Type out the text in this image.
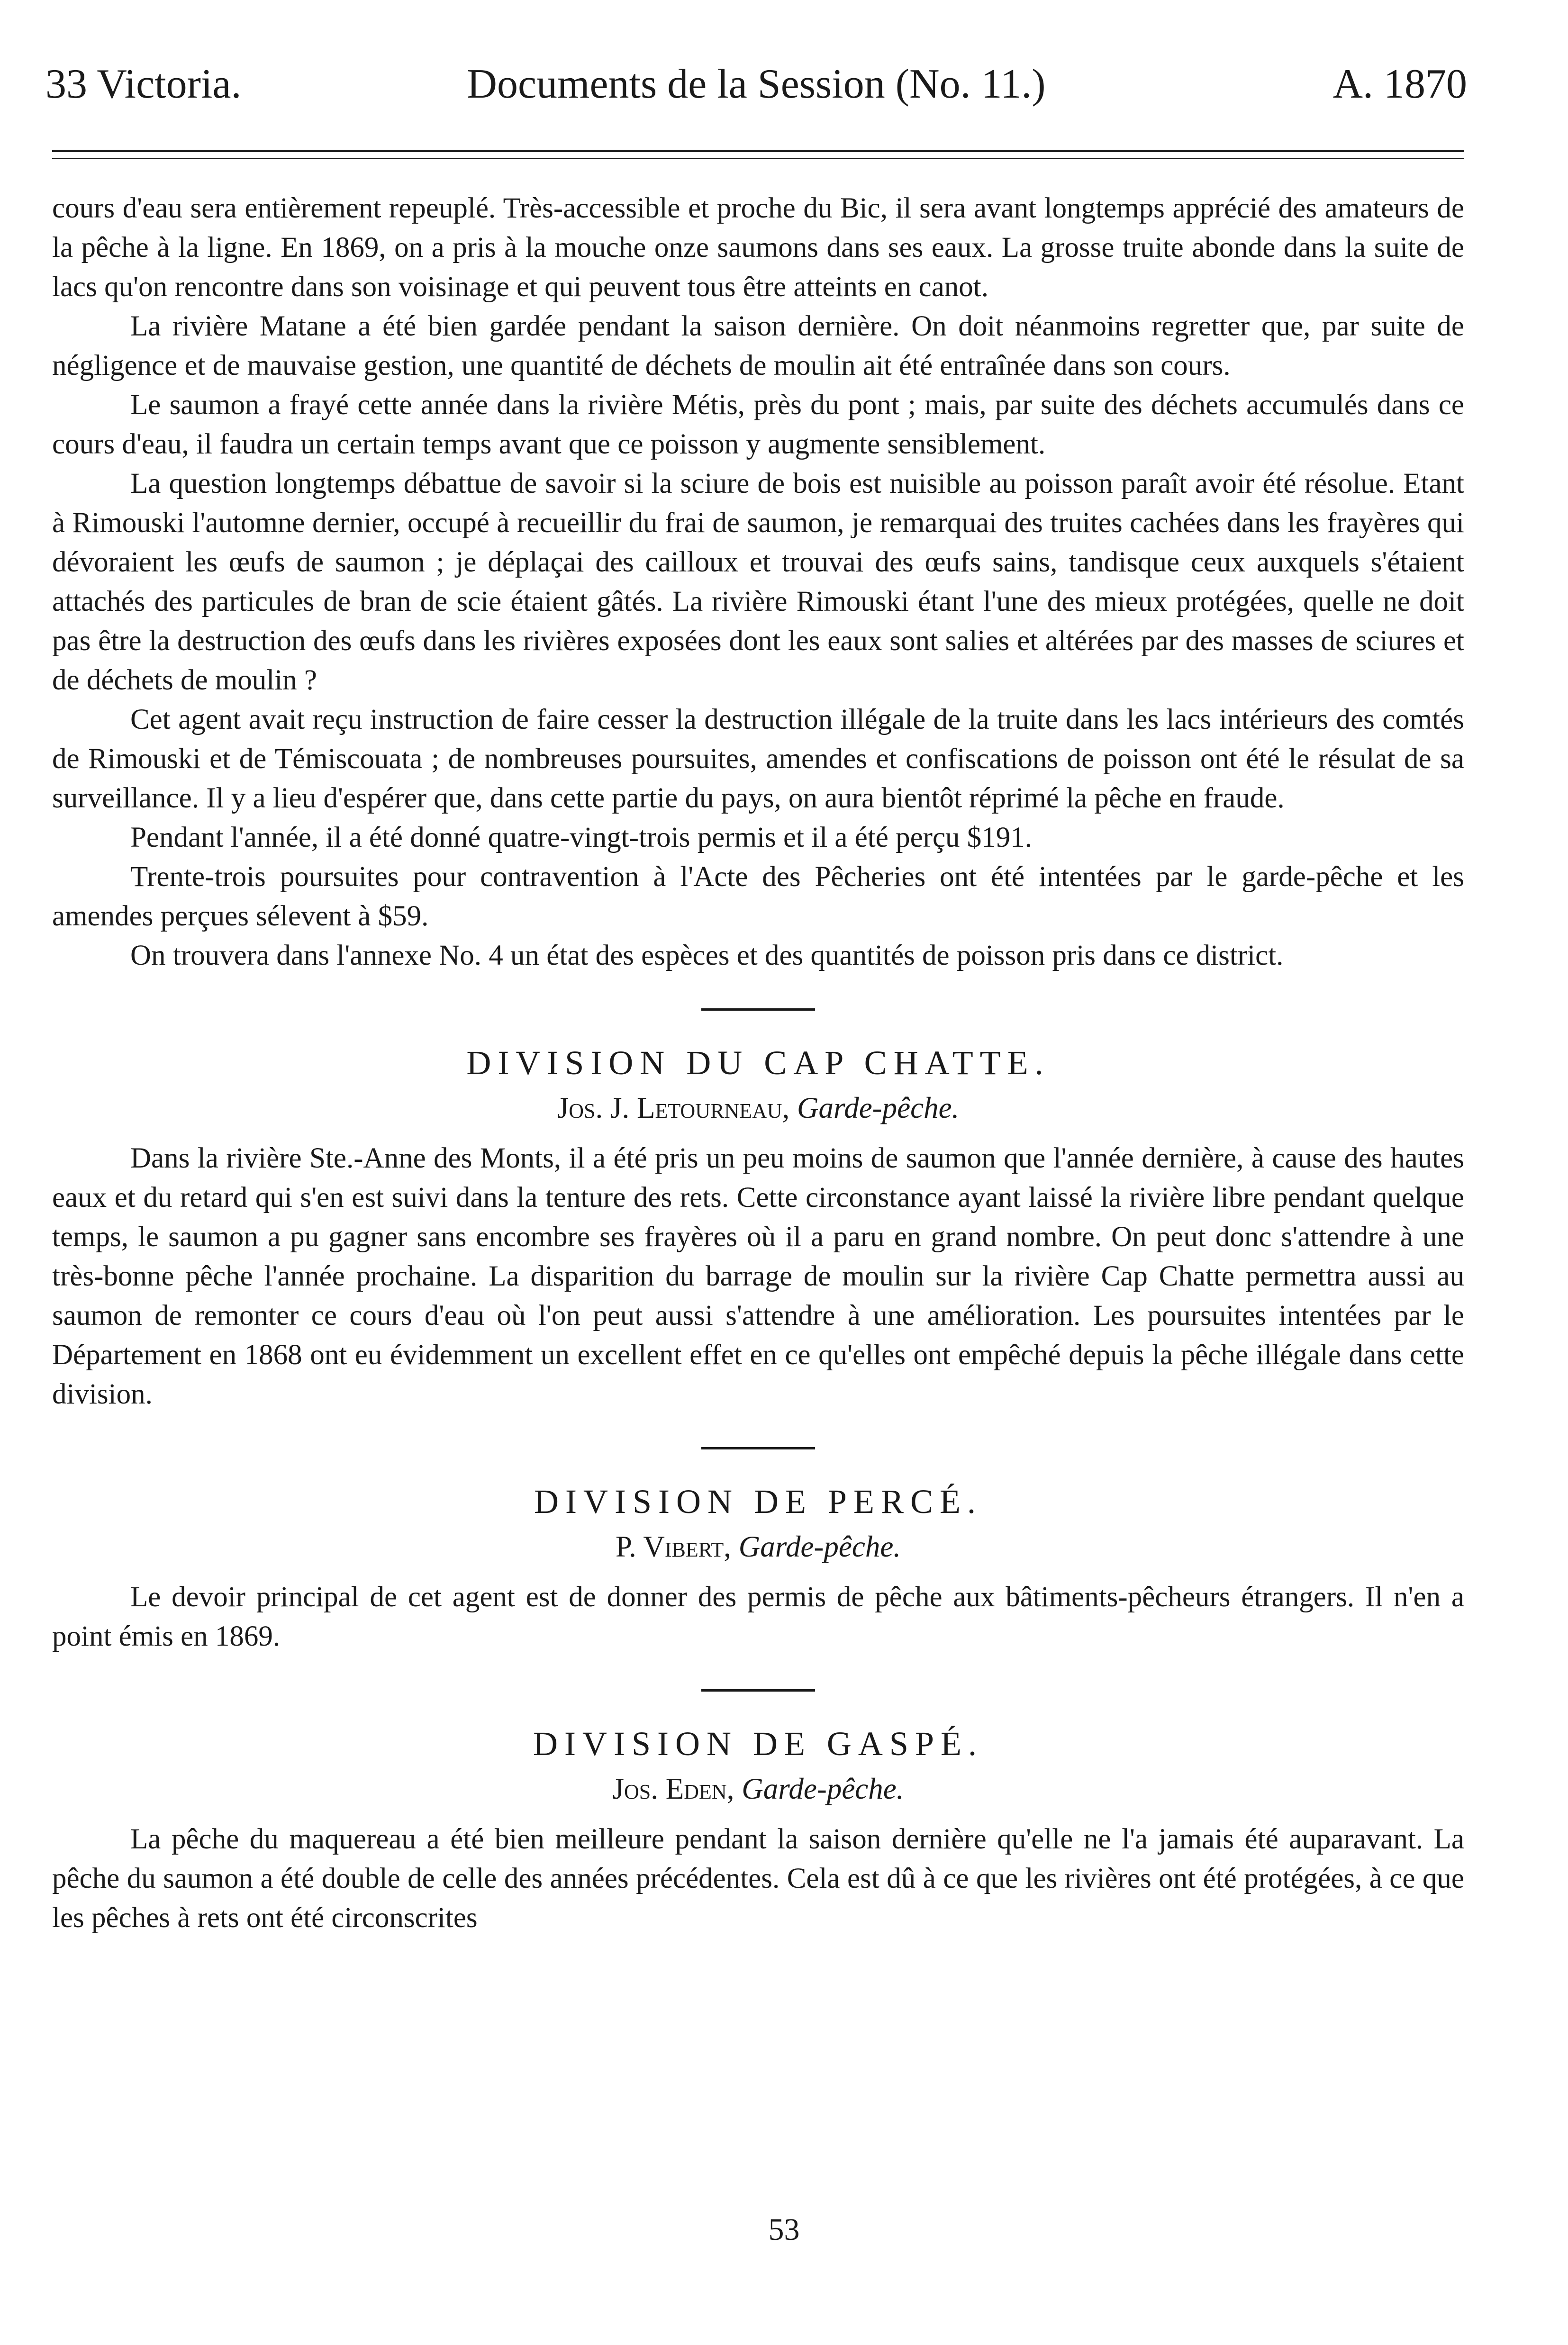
33 Victoria.	Documents de la Session (No. 11.)	A. 1870

cours d'eau sera entièrement repeuplé. Très-accessible et proche du Bic, il sera avant longtemps apprécié des amateurs de la pêche à la ligne. En 1869, on a pris à la mouche onze saumons dans ses eaux. La grosse truite abonde dans la suite de lacs qu'on rencontre dans son voisinage et qui peuvent tous être atteints en canot.

La rivière Matane a été bien gardée pendant la saison dernière. On doit néanmoins regretter que, par suite de négligence et de mauvaise gestion, une quantité de déchets de moulin ait été entraînée dans son cours.

Le saumon a frayé cette année dans la rivière Métis, près du pont ; mais, par suite des déchets accumulés dans ce cours d'eau, il faudra un certain temps avant que ce poisson y augmente sensiblement.

La question longtemps débattue de savoir si la sciure de bois est nuisible au poisson paraît avoir été résolue. Etant à Rimouski l'automne dernier, occupé à recueillir du frai de saumon, je remarquai des truites cachées dans les frayères qui dévoraient les œufs de saumon ; je déplaçai des cailloux et trouvai des œufs sains, tandisque ceux auxquels s'étaient attachés des particules de bran de scie étaient gâtés. La rivière Rimouski étant l'une des mieux protégées, quelle ne doit pas être la destruction des œufs dans les rivières exposées dont les eaux sont salies et altérées par des masses de sciures et de déchets de moulin ?

Cet agent avait reçu instruction de faire cesser la destruction illégale de la truite dans les lacs intérieurs des comtés de Rimouski et de Témiscouata ; de nombreuses poursuites, amendes et confiscations de poisson ont été le résulat de sa surveillance. Il y a lieu d'espérer que, dans cette partie du pays, on aura bientôt réprimé la pêche en fraude.

Pendant l'année, il a été donné quatre-vingt-trois permis et il a été perçu $191.

Trente-trois poursuites pour contravention à l'Acte des Pêcheries ont été intentées par le garde-pêche et les amendes perçues sélevent à $59.

On trouvera dans l'annexe No. 4 un état des espèces et des quantités de poisson pris dans ce district.

DIVISION DU CAP CHATTE.

Jos. J. Letourneau, Garde-pêche.

Dans la rivière Ste.-Anne des Monts, il a été pris un peu moins de saumon que l'année dernière, à cause des hautes eaux et du retard qui s'en est suivi dans la tenture des rets. Cette circonstance ayant laissé la rivière libre pendant quelque temps, le saumon a pu gagner sans encombre ses frayères où il a paru en grand nombre. On peut donc s'attendre à une très-bonne pêche l'année prochaine. La disparition du barrage de moulin sur la rivière Cap Chatte permettra aussi au saumon de remonter ce cours d'eau où l'on peut aussi s'attendre à une amélioration. Les poursuites intentées par le Département en 1868 ont eu évidemment un excellent effet en ce qu'elles ont empêché depuis la pêche illégale dans cette division.

DIVISION DE PERCÉ.

P. Vibert, Garde-pêche.

Le devoir principal de cet agent est de donner des permis de pêche aux bâtiments-pêcheurs étrangers. Il n'en a point émis en 1869.

DIVISION DE GASPÉ.

Jos. Eden, Garde-pêche.

La pêche du maquereau a été bien meilleure pendant la saison dernière qu'elle ne l'a jamais été auparavant. La pêche du saumon a été double de celle des années précédentes. Cela est dû à ce que les rivières ont été protégées, à ce que les pêches à rets ont été circonscrites

53
